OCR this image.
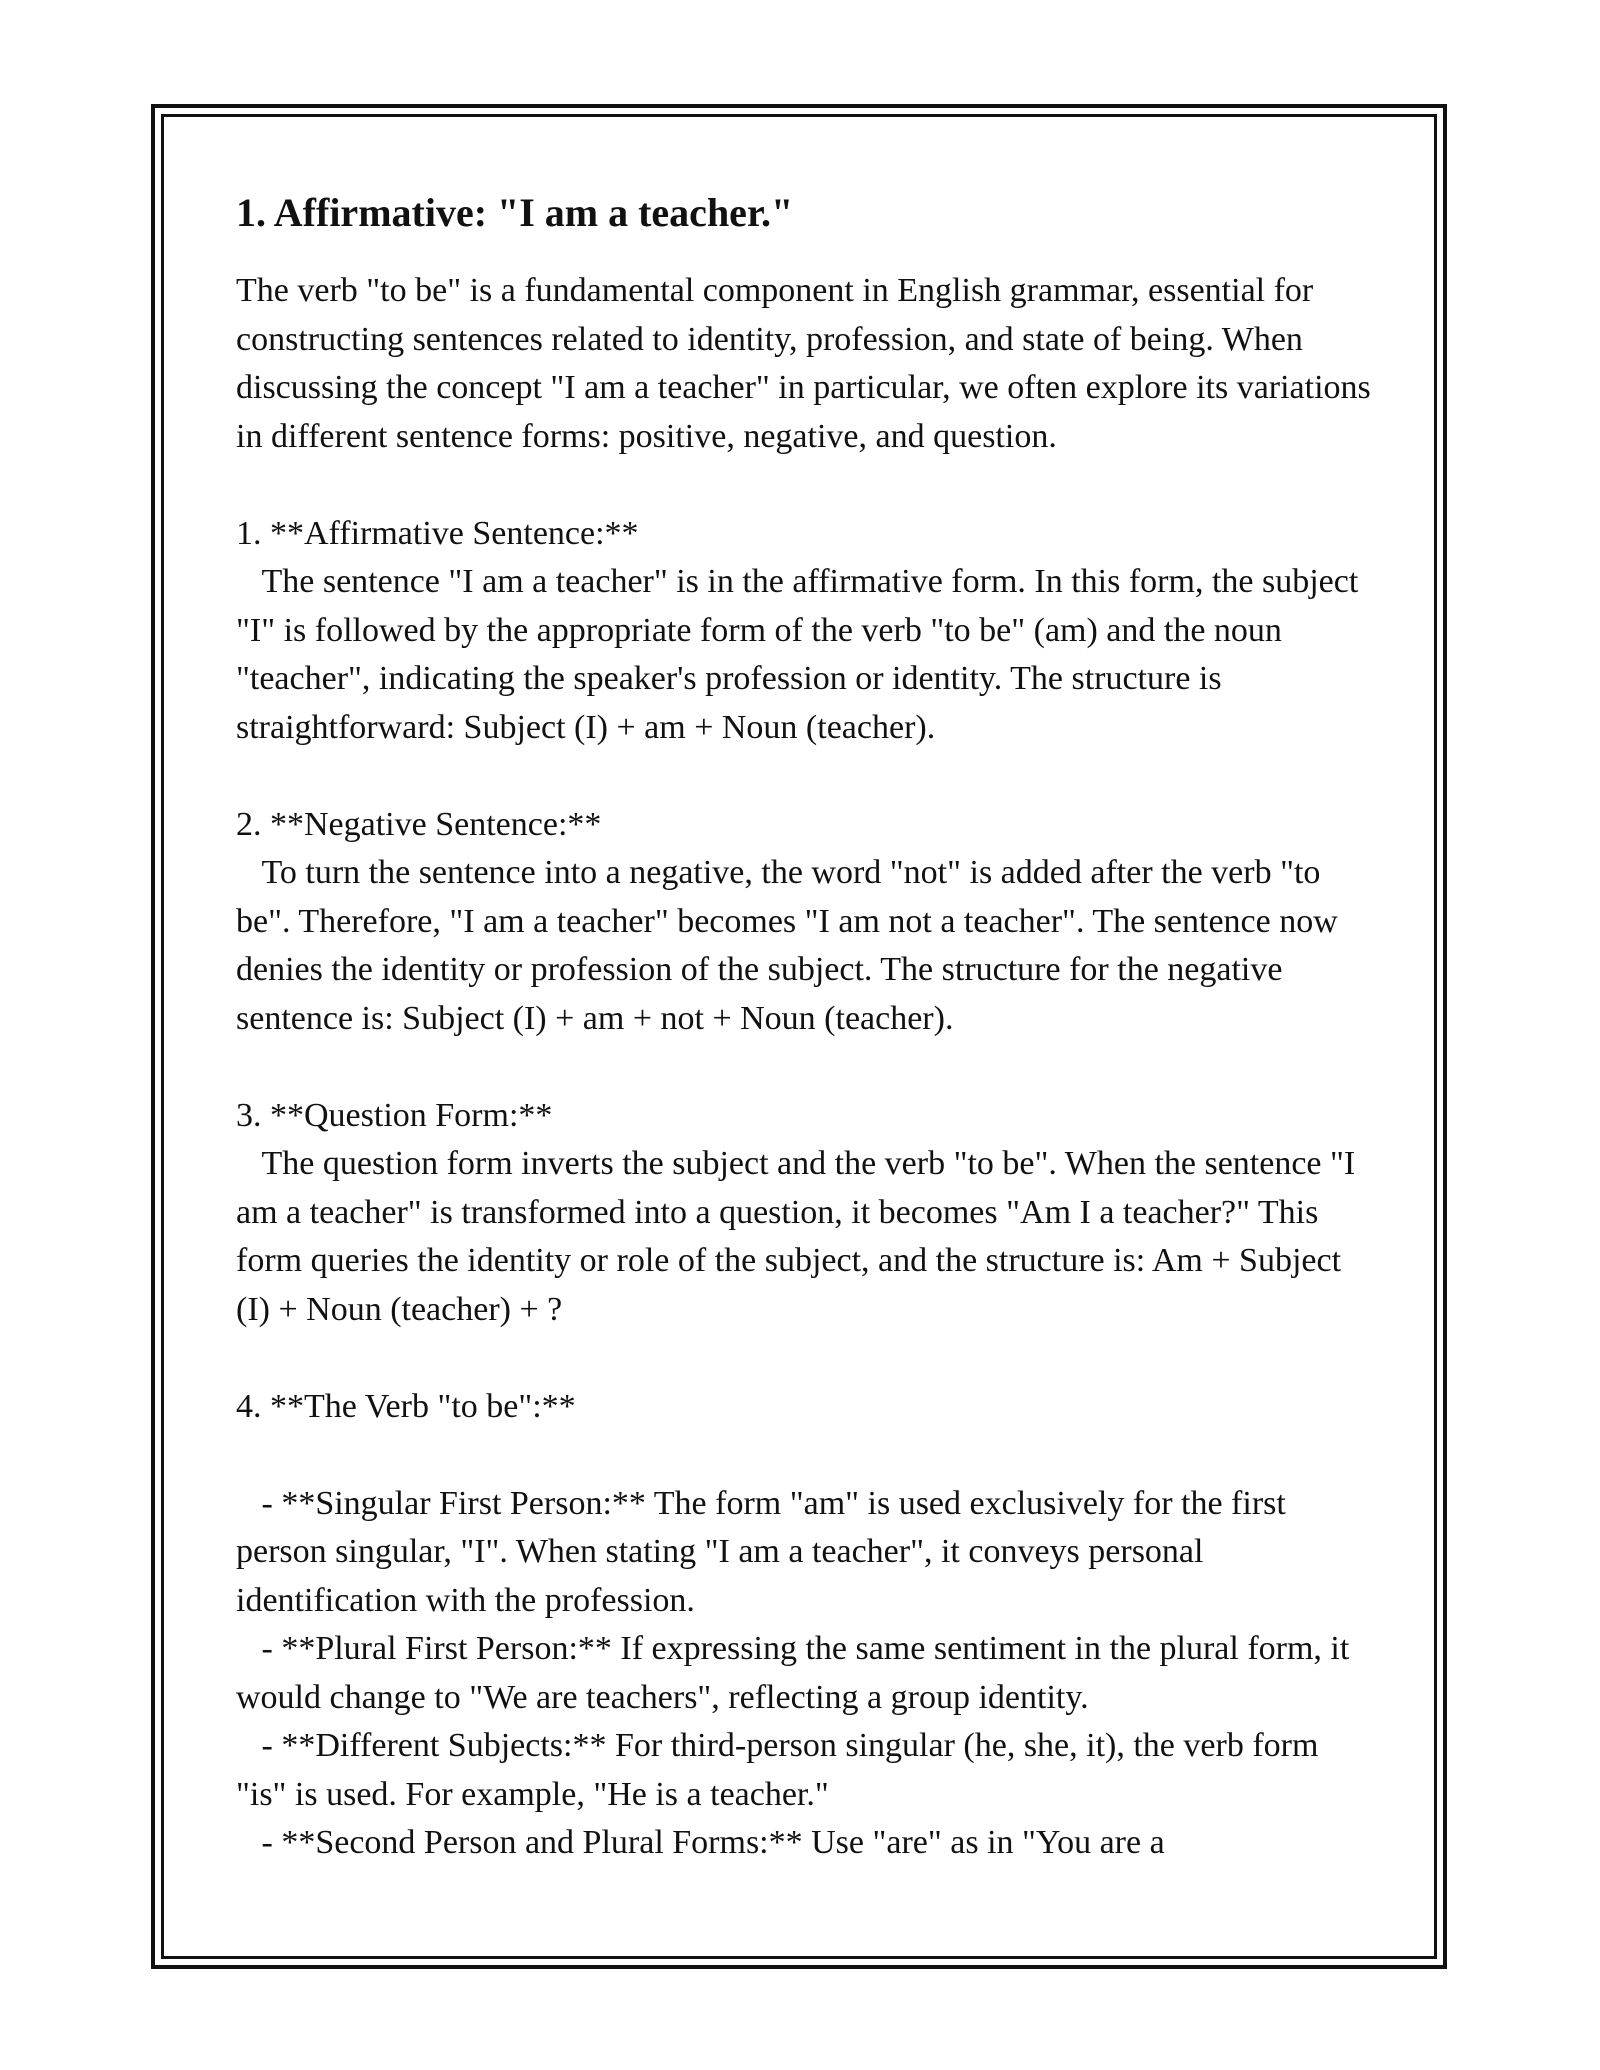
1. Affirmative: "I am a teacher."

The verb "to be" is a fundamental component in English grammar, essential for constructing sentences related to identity, profession, and state of being. When discussing the concept "I am a teacher" in particular, we often explore its variations in different sentence forms: positive, negative, and question.

1. **Affirmative Sentence:**

The sentence "I am a teacher" is in the affirmative form. In this form, the subject "I" is followed by the appropriate form of the verb "to be" (am) and the noun "teacher", indicating the speaker's profession or identity. The structure is straightforward: Subject (I) + am + Noun (teacher).

2. **Negative Sentence:**

To turn the sentence into a negative, the word "not" is added after the verb "to be". Therefore, "I am a teacher" becomes "I am not a teacher". The sentence now denies the identity or profession of the subject. The structure for the negative sentence is: Subject (I) + am + not + Noun (teacher).

3. **Question Form:**

The question form inverts the subject and the verb "to be". When the sentence "I am a teacher" is transformed into a question, it becomes "Am I a teacher?" This form queries the identity or role of the subject, and the structure is: Am + Subject (I) + Noun (teacher) + ?

4. **The Verb "to be":**

- **Singular First Person:** The form "am" is used exclusively for the first person singular, "I". When stating "I am a teacher", it conveys personal identification with the profession.

- **Plural First Person:** If expressing the same sentiment in the plural form, it would change to "We are teachers", reflecting a group identity.

- **Different Subjects:** For third-person singular (he, she, it), the verb form "is" is used. For example, "He is a teacher."

- **Second Person and Plural Forms:** Use "are" as in "You are a
